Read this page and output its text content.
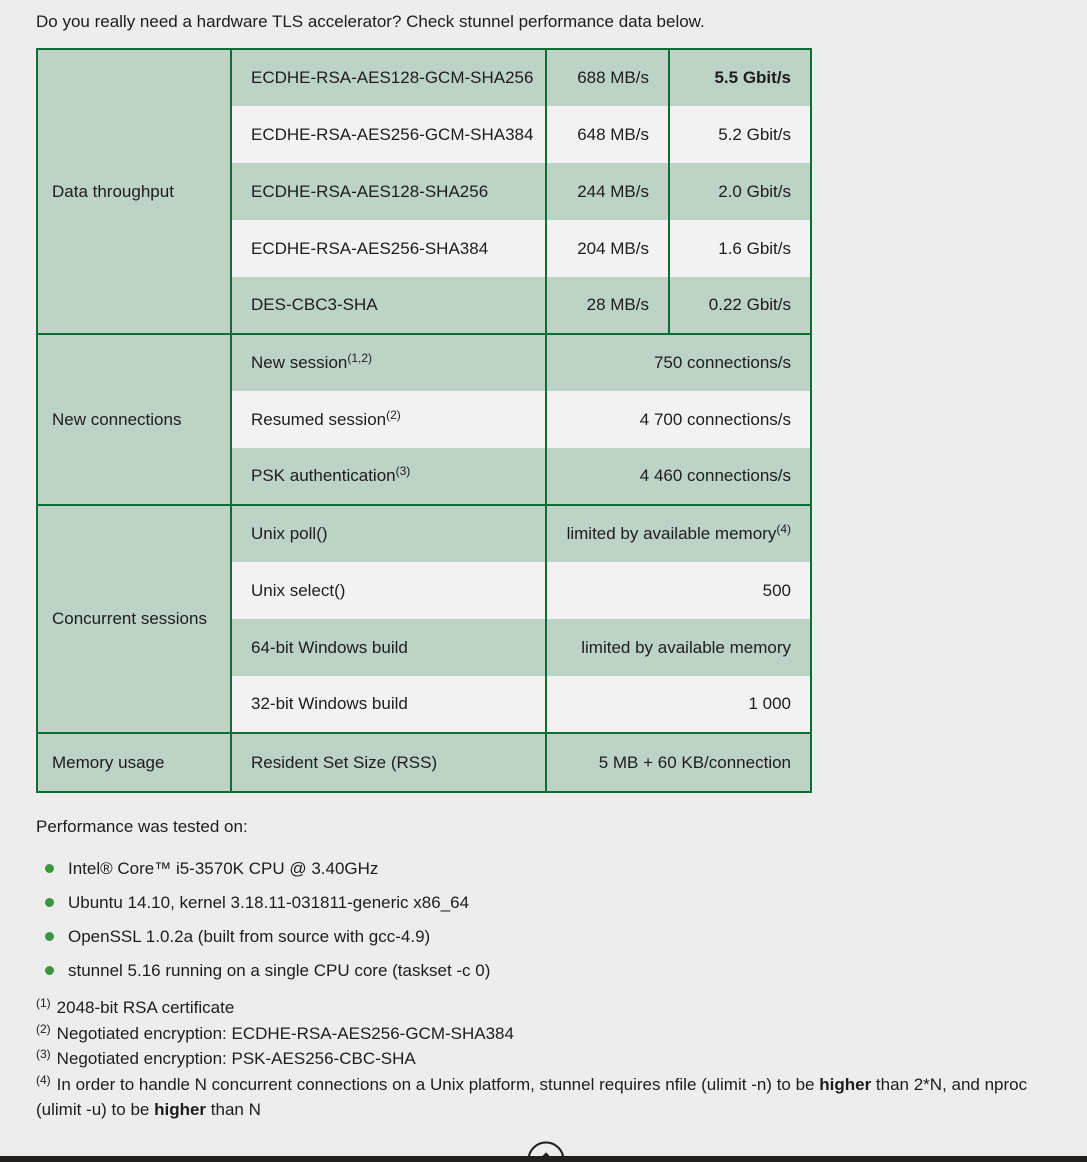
Do you really need a hardware TLS accelerator? Check stunnel performance data below.

Data throughput	ECDHE-RSA-AES128-GCM-SHA256	688 MB/s	5.5 Gbit/s
	ECDHE-RSA-AES256-GCM-SHA384	648 MB/s	5.2 Gbit/s
	ECDHE-RSA-AES128-SHA256	244 MB/s	2.0 Gbit/s
	ECDHE-RSA-AES256-SHA384	204 MB/s	1.6 Gbit/s
	DES-CBC3-SHA	28 MB/s	0.22 Gbit/s
New connections	New session$^{(1,2)}$	750 connections/s	
	Resumed session$^{(2)}$	4 700 connections/s	
	PSK authentication$^{(3)}$	4 460 connections/s	
Concurrent sessions	Unix poll()	limited by available memory$^{(4)}$
	Unix select()	500	
	64-bit Windows build	limited by available memory	
	32-bit Windows build	1 000	
Memory usage	Resident Set Size (RSS)	5 MB + 60 KB/connection	

Performance was tested on:

Intel® Core™ i5-3570K CPU @ 3.40GHz
Ubuntu 14.10, kernel 3.18.11-031811-generic x86_64
OpenSSL 1.0.2a (built from source with gcc-4.9)
stunnel 5.16 running on a single CPU core (taskset -c 0)
$^{(1)}$ 2048-bit RSA certificate
$^{(2)}$ Negotiated encryption: ECDHE-RSA-AES256-GCM-SHA384
$^{(3)}$ Negotiated encryption: PSK-AES256-CBC-SHA
$^{(4)}$ In order to handle N concurrent connections on a Unix platform, stunnel requires nfile (ulimit -n) to be higher than 2*N, and nproc (ulimit -u) to be higher than N
